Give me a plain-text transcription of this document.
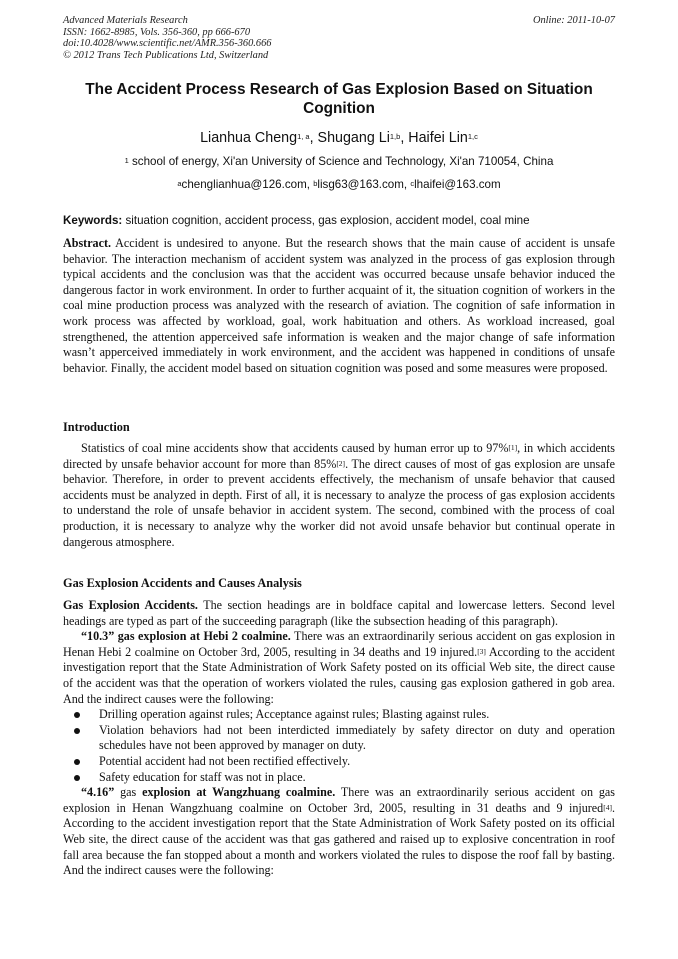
Advanced Materials Research
ISSN: 1662-8985, Vols. 356-360, pp 666-670
doi:10.4028/www.scientific.net/AMR.356-360.666
© 2012 Trans Tech Publications Ltd, Switzerland
Online: 2011-10-07
The Accident Process Research of Gas Explosion Based on Situation Cognition
Lianhua Cheng$^{1, a}$, Shugang Li$^{1,b}$, Haifei Lin$^{1,c}$
$^1$ school of energy, Xi'an University of Science and Technology, Xi'an 710054, China
$^a$chenglianhua@126.com, $^b$lisg63@163.com, $^c$lhaifei@163.com
Keywords: situation cognition, accident process, gas explosion, accident model, coal mine

Abstract. Accident is undesired to anyone. But the research shows that the main cause of accident is unsafe behavior. The interaction mechanism of accident system was analyzed in the process of gas explosion through typical accidents and the conclusion was that the accident was occurred because unsafe behavior induced the dangerous factor in work environment. In order to further acquaint of it, the situation cognition of workers in the coal mine production process was analyzed with the research of aviation. The cognition of safe information in work process was affected by workload, goal, work habituation and others. As workload increased, goal strengthened, the attention apperceived safe information is weaken and the major change of safe information wasn’t apperceived immediately in work environment, and the accident was happened in conditions of unsafe behavior. Finally, the accident model based on situation cognition was posed and some measures were proposed.

Introduction

Statistics of coal mine accidents show that accidents caused by human error up to 97%[1], in which accidents directed by unsafe behavior account for more than 85%[2]. The direct causes of most of gas explosion are unsafe behavior. Therefore, in order to prevent accidents effectively, the mechanism of unsafe behavior that caused accidents must be analyzed in depth. First of all, it is necessary to analyze the process of gas explosion accidents to understand the role of unsafe behavior in accident system. The second, combined with the process of coal production, it is necessary to analyze why the worker did not avoid unsafe behavior but continual operate in dangerous atmosphere.

Gas Explosion Accidents and Causes Analysis

Gas Explosion Accidents. The section headings are in boldface capital and lowercase letters. Second level headings are typed as part of the succeeding paragraph (like the subsection heading of this paragraph).

“10.3” gas explosion at Hebi 2 coalmine. There was an extraordinarily serious accident on gas explosion in Henan Hebi 2 coalmine on October 3rd, 2005, resulting in 34 deaths and 19 injured.[3] According to the accident investigation report that the State Administration of Work Safety posted on its official Web site, the direct cause of the accident was that the operation of workers violated the rules, causing gas explosion gathered in gob area. And the indirect causes were the following:

Drilling operation against rules; Acceptance against rules; Blasting against rules.
Violation behaviors had not been interdicted immediately by safety director on duty and operation schedules have not been approved by manager on duty.
Potential accident had not been rectified effectively.
Safety education for staff was not in place.

“4.16” gas explosion at Wangzhuang coalmine. There was an extraordinarily serious accident on gas explosion in Henan Wangzhuang coalmine on October 3rd, 2005, resulting in 31 deaths and 9 injured[4]. According to the accident investigation report that the State Administration of Work Safety posted on its official Web site, the direct cause of the accident was that gas gathered and raised up to explosive concentration in roof fall area because the fan stopped about a month and workers violated the rules to dispose the roof fall by basting. And the indirect causes were the following:
